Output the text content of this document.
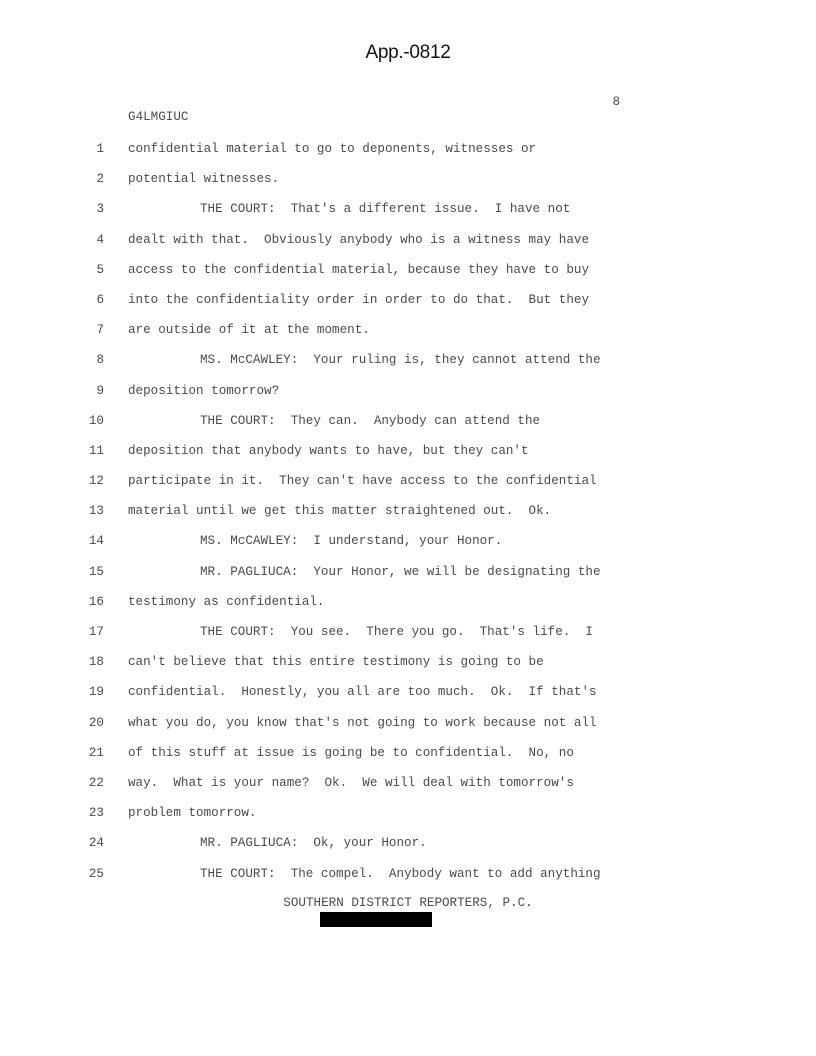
App.-0812
8
G4LMGIUC
1 confidential material to go to deponents, witnesses or
2 potential witnesses.
3	THE COURT:  That's a different issue.  I have not
4 dealt with that.  Obviously anybody who is a witness may have
5 access to the confidential material, because they have to buy
6 into the confidentiality order in order to do that.  But they
7 are outside of it at the moment.
8	MS. McCAWLEY:  Your ruling is, they cannot attend the
9 deposition tomorrow?
10	THE COURT:  They can.  Anybody can attend the
11 deposition that anybody wants to have, but they can't
12 participate in it.  They can't have access to the confidential
13 material until we get this matter straightened out.  Ok.
14	MS. McCAWLEY:  I understand, your Honor.
15	MR. PAGLIUCA:  Your Honor, we will be designating the
16 testimony as confidential.
17	THE COURT:  You see.  There you go.  That's life.  I
18 can't believe that this entire testimony is going to be
19 confidential.  Honestly, you all are too much.  Ok.  If that's
20 what you do, you know that's not going to work because not all
21 of this stuff at issue is going be to confidential.  No, no
22 way.  What is your name?  Ok.  We will deal with tomorrow's
23 problem tomorrow.
24	MR. PAGLIUCA:  Ok, your Honor.
25	THE COURT:  The compel.  Anybody want to add anything
SOUTHERN DISTRICT REPORTERS, P.C.
